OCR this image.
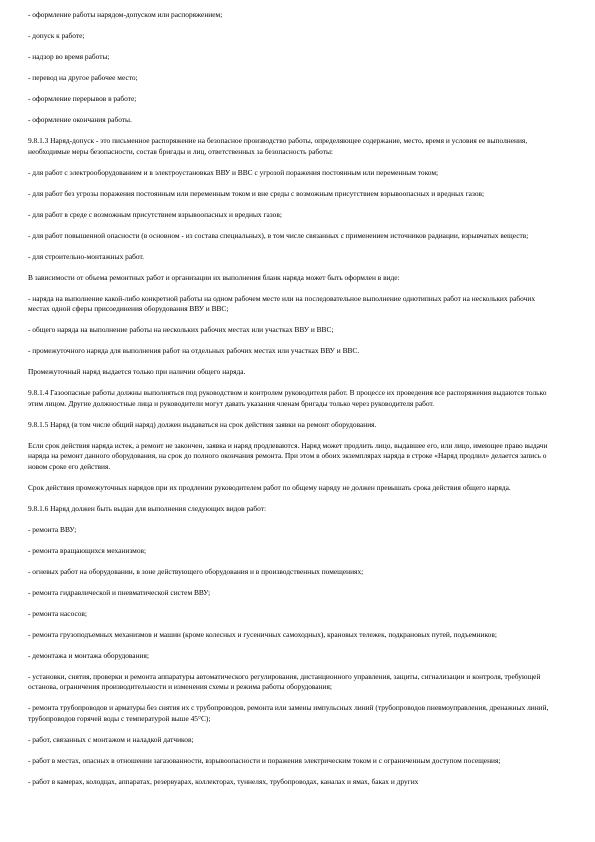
- оформление работы нарядом-допуском или распоряжением;

- допуск к работе;

- надзор во время работы;

- перевод на другое рабочее место;

- оформление перерывов в работе;

- оформление окончания работы.

9.8.1.3 Наряд-допуск - это письменное распоряжение на безопасное производство работы, определяющее содержание, место, время и условия ее выполнения, необходимые меры безопасности, состав бригады и лиц, ответственных за безопасность работы:

- для работ с электрооборудованием и в электроустановках ВВУ и ВВС с угрозой поражения постоянным или переменным током;

- для работ без угрозы поражения постоянным или переменным током и вне среды с возможным присутствием взрывоопасных и вредных газов;

- для работ в среде с возможным присутствием взрывоопасных и вредных газов;

- для работ повышенной опасности (в основном - из состава специальных), в том числе связанных с применением источников радиации, взрывчатых веществ;

- для строительно-монтажных работ.

В зависимости от объема ремонтных работ и организации их выполнения бланк наряда может быть оформлен в виде:

- наряда на выполнение какой-либо конкретной работы на одном рабочем месте или на последовательное выполнение однотипных работ на нескольких рабочих местах одной сферы присоединения оборудования ВВУ и ВВС;

- общего наряда на выполнение работы на нескольких рабочих местах или участках ВВУ и ВВС;

- промежуточного наряда для выполнения работ на отдельных рабочих местах или участках ВВУ и ВВС.

Промежуточный наряд выдается только при наличии общего наряда.

9.8.1.4 Газоопасные работы должны выполняться под руководством и контролем руководителя работ. В процессе их проведения все распоряжения выдаются только этим лицом. Другие должностные лица и руководители могут давать указания членам бригады только через руководителя работ.

9.8.1.5 Наряд (в том числе общий наряд) должен выдаваться на срок действия заявки на ремонт оборудования.

Если срок действия наряда истек, а ремонт не закончен, заявка и наряд продлеваются. Наряд может продлить лицо, выдавшее его, или лицо, имеющее право выдачи наряда на ремонт данного оборудования, на срок до полного окончания ремонта. При этом в обоих экземплярах наряда в строке «Наряд продлил» делается запись о новом сроке его действия.

Срок действия промежуточных нарядов при их продлении руководителем работ по общему наряду не должен превышать срока действия общего наряда.

9.8.1.6 Наряд должен быть выдан для выполнения следующих видов работ:

- ремонта ВВУ;

- ремонта вращающихся механизмов;

- огневых работ на оборудовании, в зоне действующего оборудования и в производственных помещениях;

- ремонта гидравлической и пневматической систем ВВУ;

- ремонта насосов;

- ремонта грузоподъемных механизмов и машин (кроме колесных и гусеничных самоходных), крановых тележек, подкрановых путей, подъемников;

- демонтажа и монтажа оборудования;

- установки, снятия, проверки и ремонта аппаратуры автоматического регулирования, дистанционного управления, защиты, сигнализации и контроля, требующей останова, ограничения производительности и изменения схемы и режима работы оборудования;

- ремонта трубопроводов и арматуры без снятия их с трубопроводов, ремонта или замены импульсных линий (трубопроводов пневмоуправления, дренажных линий, трубопроводов горячей воды с температурой выше 45°С);

- работ, связанных с монтажом и наладкой датчиков;

- работ в местах, опасных в отношении загазованности, взрывоопасности и поражения электрическим током и с ограниченным доступом посещения;

- работ в камерах, колодцах, аппаратах, резервуарах, коллекторах, туннелях, трубопроводах, каналах и ямах, баках и других
